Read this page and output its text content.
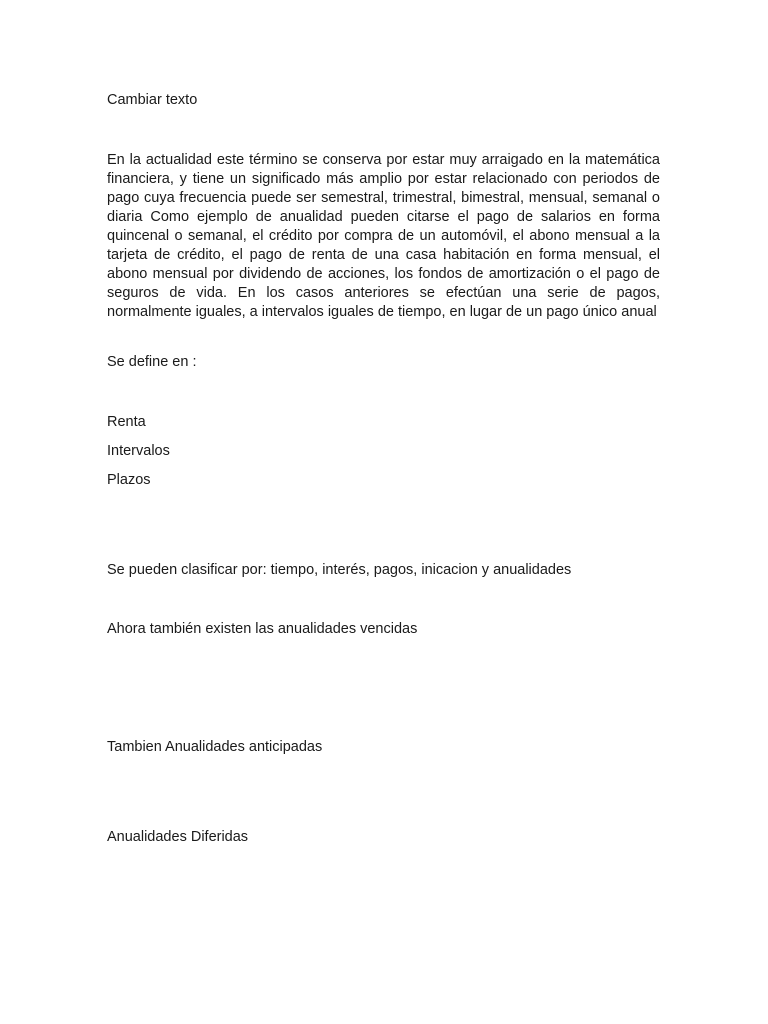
Cambiar texto

En la actualidad este término se conserva por estar muy arraigado en la matemática financiera, y tiene un significado más amplio por estar relacionado con periodos de pago cuya frecuencia puede ser semestral, trimestral, bimestral, mensual, semanal o diaria Como ejemplo de anualidad pueden citarse el pago de salarios en forma quincenal o semanal, el crédito por compra de un automóvil, el abono mensual a la tarjeta de crédito, el pago de renta de una casa habitación en forma mensual, el abono mensual por dividendo de acciones, los fondos de amortización o el pago de seguros de vida. En los casos anteriores se efectúan una serie de pagos, normalmente iguales, a intervalos iguales de tiempo, en lugar de un pago único anual

Se define en :

Renta

Intervalos

Plazos

Se pueden clasificar por: tiempo, interés, pagos, inicacion y anualidades

Ahora también existen las anualidades vencidas

Tambien Anualidades anticipadas

Anualidades Diferidas
